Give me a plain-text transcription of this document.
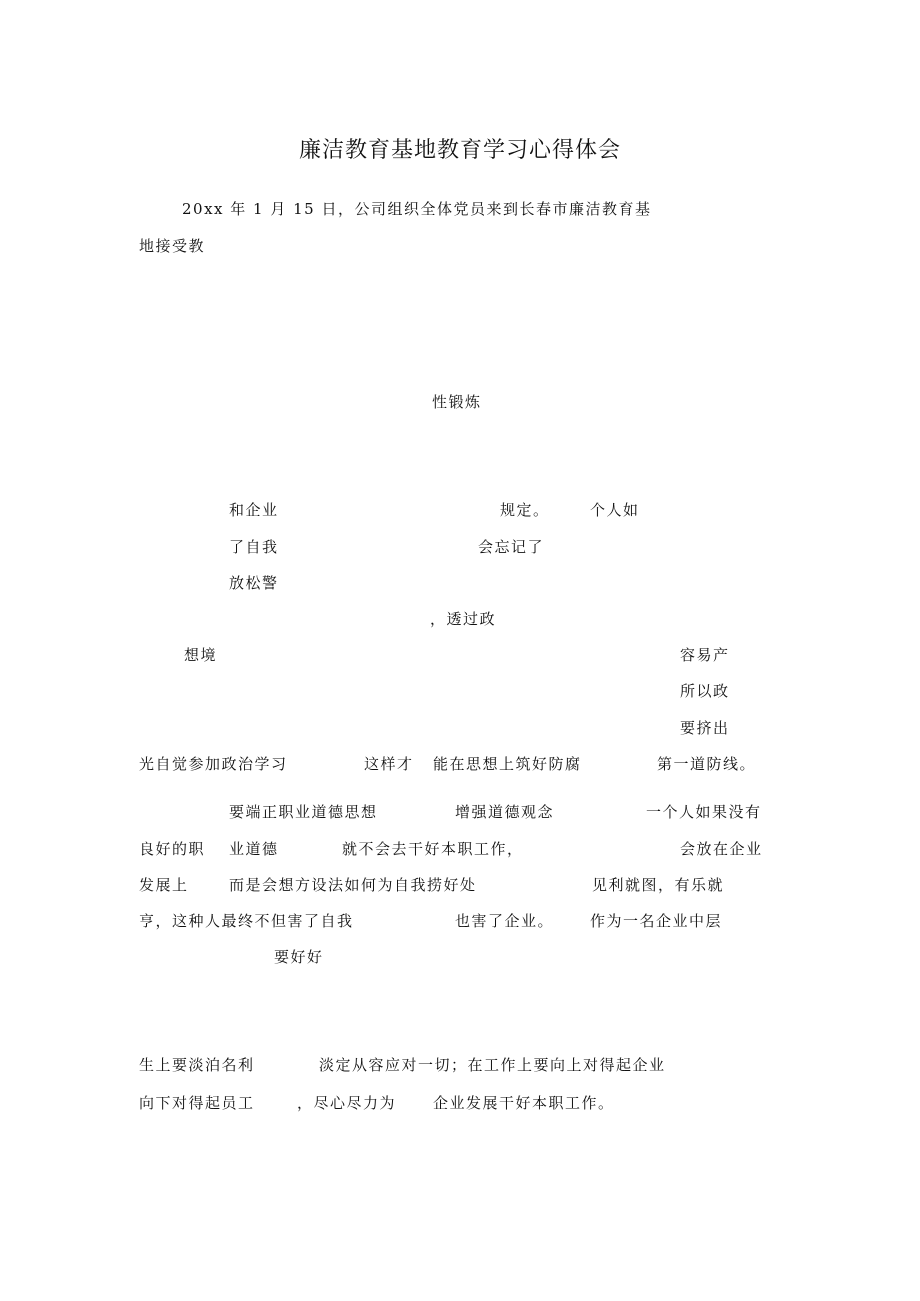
廉洁教育基地教育学习心得体会
20xx 年 1 月 15 日，公司组织全体党员来到长春市廉洁教育基
地接受教
性锻炼
和企业	规定。	个人如
了自我	会忘记了
放松警
，透过政
想境	容易产
所以政
要挤出
光自觉参加政治学习	这样才 能在思想上筑好防腐	第一道防线。
要端正职业道德思想	增强道德观念	一个人如果没有
良好的职 业道德	就不会去干好本职工作，	会放在企业
发展上	而是会想方设法如何为自我捞好处	见利就图，有乐就
亨，这种人最终不但害了自我	也害了企业。 作为一名企业中层
要好好
生上要淡泊名利	淡定从容应对一切；在工作上要向上对得起企业
向下对得起员工	，尽心尽力为 企业发展干好本职工作。
